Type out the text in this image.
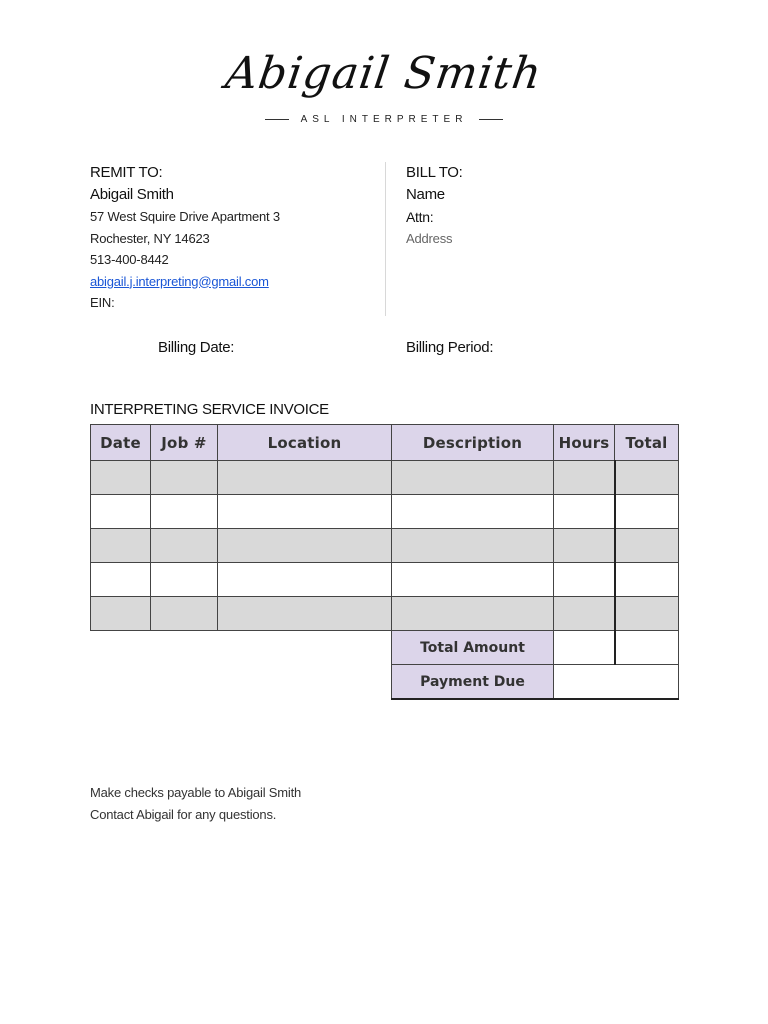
Abigail Smith
ASL INTERPRETER
REMIT TO:
Abigail Smith
57 West Squire Drive Apartment 3
Rochester, NY 14623
513-400-8442
abigail.j.interpreting@gmail.com
EIN:
BILL TO:
Name
Attn:
Address
Billing Date:	Billing Period:
INTERPRETING SERVICE INVOICE
Date	Job #	Location	Description	Hours	Total

			Total Amount		
			Payment Due		
Make checks payable to Abigail Smith
Contact Abigail for any questions.
